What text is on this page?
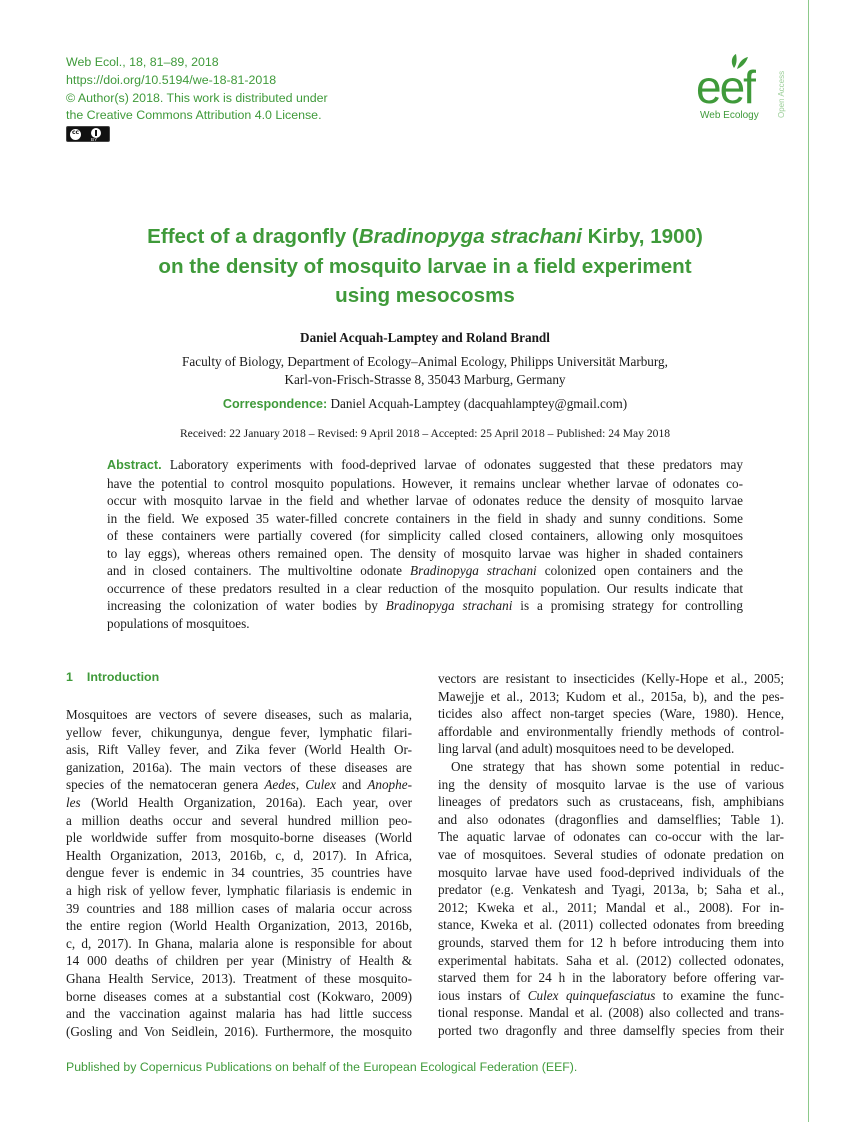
Web Ecol., 18, 81–89, 2018
https://doi.org/10.5194/we-18-81-2018
© Author(s) 2018. This work is distributed under
the Creative Commons Attribution 4.0 License.
cc
BY
eef
Web Ecology Open Access
Effect of a dragonfly (Bradinopyga strachani Kirby, 1900)
on the density of mosquito larvae in a field experiment
using mesocosms
Daniel Acquah-Lamptey and Roland Brandl
Faculty of Biology, Department of Ecology–Animal Ecology, Philipps Universität Marburg,
Karl-von-Frisch-Strasse 8, 35043 Marburg, Germany
Correspondence: Daniel Acquah-Lamptey (dacquahlamptey@gmail.com)
Received: 22 January 2018 – Revised: 9 April 2018 – Accepted: 25 April 2018 – Published: 24 May 2018
Abstract. Laboratory experiments with food-deprived larvae of odonates suggested that these predators may
have the potential to control mosquito populations. However, it remains unclear whether larvae of odonates co-
occur with mosquito larvae in the field and whether larvae of odonates reduce the density of mosquito larvae
in the field. We exposed 35 water-filled concrete containers in the field in shady and sunny conditions. Some
of these containers were partially covered (for simplicity called closed containers, allowing only mosquitoes
to lay eggs), whereas others remained open. The density of mosquito larvae was higher in shaded containers
and in closed containers. The multivoltine odonate Bradinopyga strachani colonized open containers and the
occurrence of these predators resulted in a clear reduction of the mosquito population. Our results indicate that
increasing the colonization of water bodies by Bradinopyga strachani is a promising strategy for controlling
populations of mosquitoes.
1 Introduction
Mosquitoes are vectors of severe diseases, such as malaria,
yellow fever, chikungunya, dengue fever, lymphatic filari-
asis, Rift Valley fever, and Zika fever (World Health Or-
ganization, 2016a). The main vectors of these diseases are
species of the nematoceran genera Aedes, Culex and Anophe-
les (World Health Organization, 2016a). Each year, over
a million deaths occur and several hundred million peo-
ple worldwide suffer from mosquito-borne diseases (World
Health Organization, 2013, 2016b, c, d, 2017). In Africa,
dengue fever is endemic in 34 countries, 35 countries have
a high risk of yellow fever, lymphatic filariasis is endemic in
39 countries and 188 million cases of malaria occur across
the entire region (World Health Organization, 2013, 2016b,
c, d, 2017). In Ghana, malaria alone is responsible for about
14 000 deaths of children per year (Ministry of Health &
Ghana Health Service, 2013). Treatment of these mosquito-
borne diseases comes at a substantial cost (Kokwaro, 2009)
and the vaccination against malaria has had little success
(Gosling and Von Seidlein, 2016). Furthermore, the mosquito
vectors are resistant to insecticides (Kelly-Hope et al., 2005;
Mawejje et al., 2013; Kudom et al., 2015a, b), and the pes-
ticides also affect non-target species (Ware, 1980). Hence,
affordable and environmentally friendly methods of control-
ling larval (and adult) mosquitoes need to be developed.
One strategy that has shown some potential in reduc-
ing the density of mosquito larvae is the use of various
lineages of predators such as crustaceans, fish, amphibians
and also odonates (dragonflies and damselflies; Table 1).
The aquatic larvae of odonates can co-occur with the lar-
vae of mosquitoes. Several studies of odonate predation on
mosquito larvae have used food-deprived individuals of the
predator (e.g. Venkatesh and Tyagi, 2013a, b; Saha et al.,
2012; Kweka et al., 2011; Mandal et al., 2008). For in-
stance, Kweka et al. (2011) collected odonates from breeding
grounds, starved them for 12 h before introducing them into
experimental habitats. Saha et al. (2012) collected odonates,
starved them for 24 h in the laboratory before offering var-
ious instars of Culex quinquefasciatus to examine the func-
tional response. Mandal et al. (2008) also collected and trans-
ported two dragonfly and three damselfly species from their
Published by Copernicus Publications on behalf of the European Ecological Federation (EEF).
